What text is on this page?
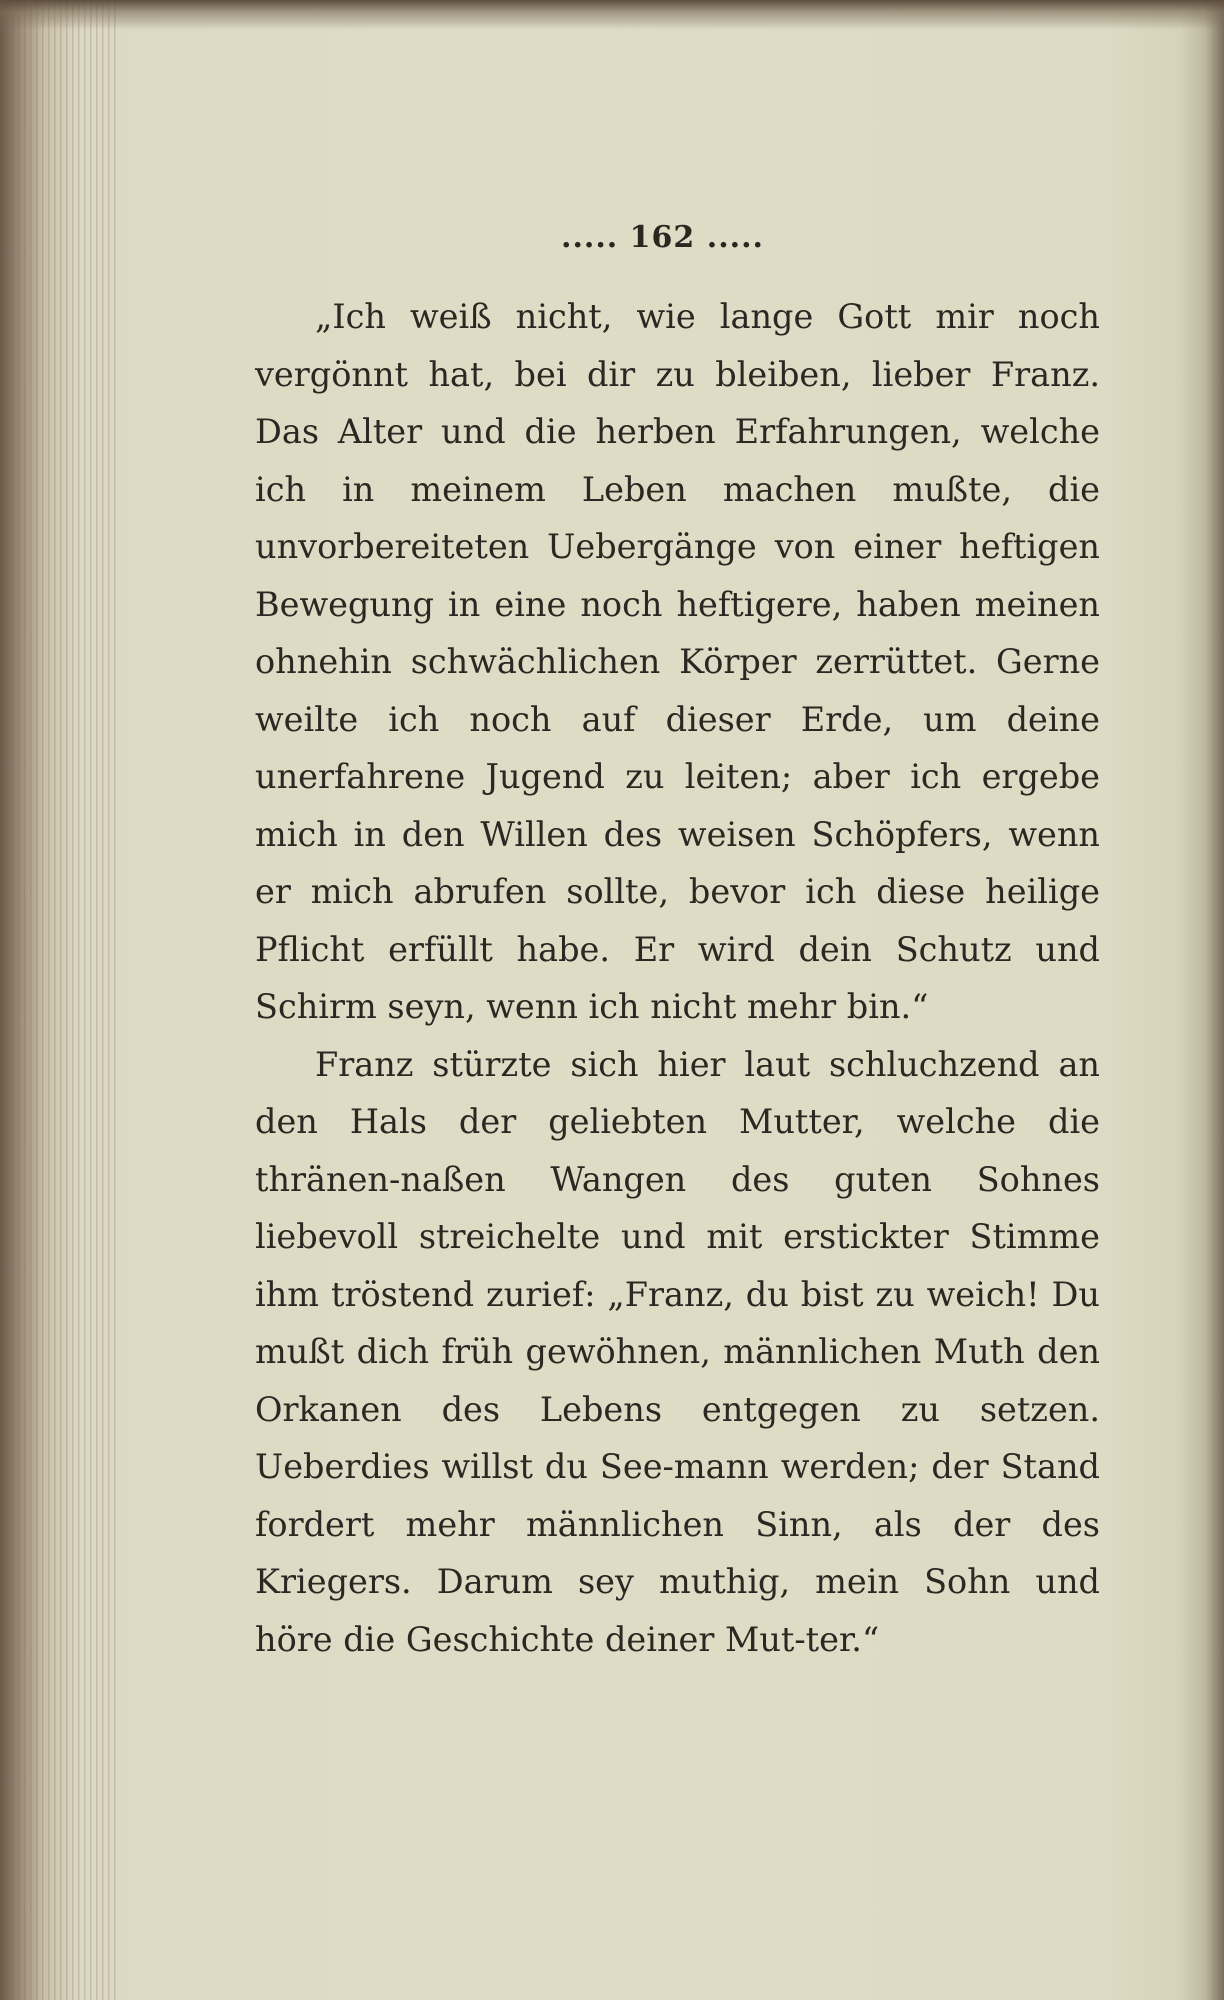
..... 162 .....

„Ich weiß nicht, wie lange Gott mir noch vergönnt hat, bei dir zu bleiben, lieber Franz. Das Alter und die herben Erfahrungen, welche ich in meinem Leben machen mußte, die unvorbereiteten Uebergänge von einer heftigen Bewegung in eine noch heftigere, haben meinen ohnehin schwächlichen Körper zerrüttet. Gerne weilte ich noch auf dieser Erde, um deine unerfahrene Jugend zu leiten; aber ich ergebe mich in den Willen des weisen Schöpfers, wenn er mich abrufen sollte, bevor ich diese heilige Pflicht erfüllt habe. Er wird dein Schutz und Schirm seyn, wenn ich nicht mehr bin.“

Franz stürzte sich hier laut schluchzend an den Hals der geliebten Mutter, welche die thränen-naßen Wangen des guten Sohnes liebevoll streichelte und mit erstickter Stimme ihm tröstend zurief: „Franz, du bist zu weich! Du mußt dich früh gewöhnen, männlichen Muth den Orkanen des Lebens entgegen zu setzen. Ueberdies willst du See-mann werden; der Stand fordert mehr männlichen Sinn, als der des Kriegers. Darum sey muthig, mein Sohn und höre die Geschichte deiner Mut-ter.“
